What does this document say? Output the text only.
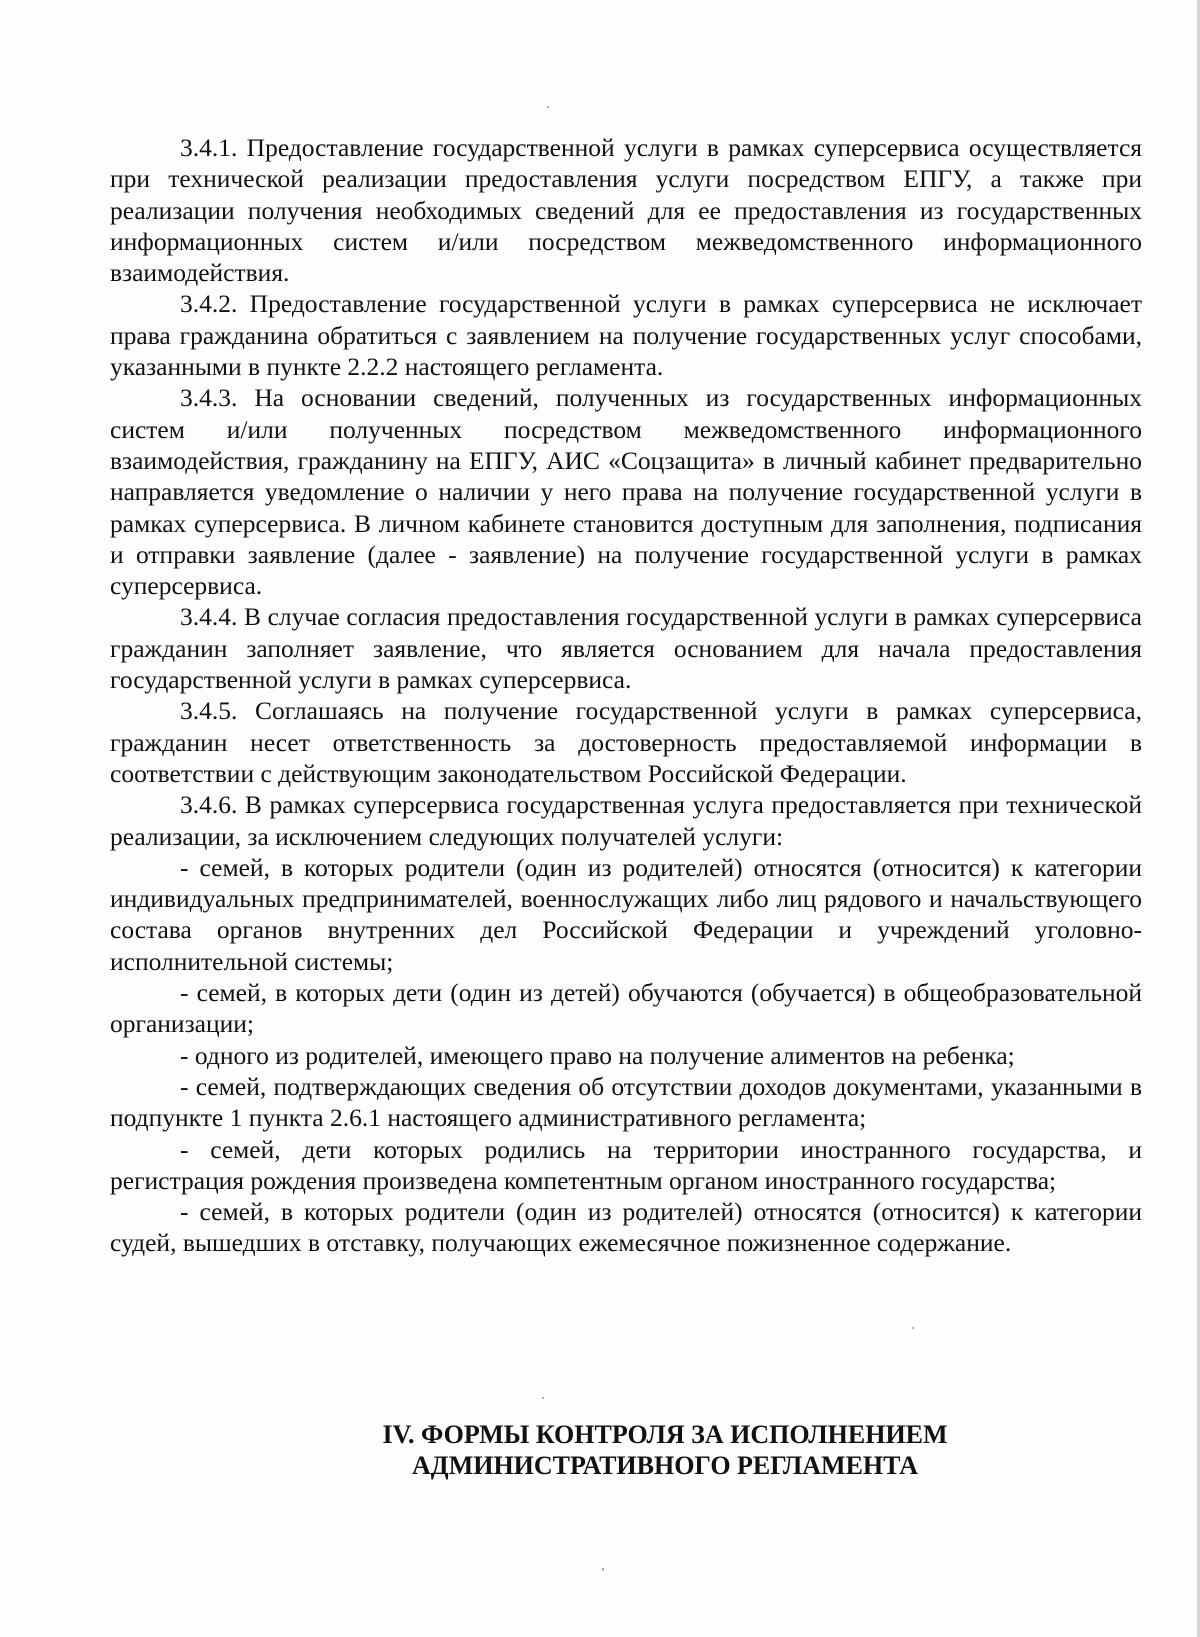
3.4.1. Предоставление государственной услуги в рамках суперсервиса осуществляется при технической реализации предоставления услуги посредством ЕПГУ, а также при реализации получения необходимых сведений для ее предоставления из государственных информационных систем и/или посредством межведомственного информационного взаимодействия.

3.4.2. Предоставление государственной услуги в рамках суперсервиса не исключает права гражданина обратиться с заявлением на получение государственных услуг способами, указанными в пункте 2.2.2 настоящего регламента.

3.4.3. На основании сведений, полученных из государственных информационных систем и/или полученных посредством межведомственного информационного взаимодействия, гражданину на ЕПГУ, АИС «Соцзащита» в личный кабинет предварительно направляется уведомление о наличии у него права на получение государственной услуги в рамках суперсервиса. В личном кабинете становится доступным для заполнения, подписания и отправки заявление (далее - заявление) на получение государственной услуги в рамках суперсервиса.

3.4.4. В случае согласия предоставления государственной услуги в рамках суперсервиса гражданин заполняет заявление, что является основанием для начала предоставления государственной услуги в рамках суперсервиса.

3.4.5. Соглашаясь на получение государственной услуги в рамках суперсервиса, гражданин несет ответственность за достоверность предоставляемой информации в соответствии с действующим законодательством Российской Федерации.

3.4.6. В рамках суперсервиса государственная услуга предоставляется при технической реализации, за исключением следующих получателей услуги:

- семей, в которых родители (один из родителей) относятся (относится) к категории индивидуальных предпринимателей, военнослужащих либо лиц рядового и начальствующего состава органов внутренних дел Российской Федерации и учреждений уголовно-исполнительной системы;

- семей, в которых дети (один из детей) обучаются (обучается) в общеобразовательной организации;

- одного из родителей, имеющего право на получение алиментов на ребенка;

- семей, подтверждающих сведения об отсутствии доходов документами, указанными в подпункте 1 пункта 2.6.1 настоящего административного регламента;

- семей, дети которых родились на территории иностранного государства, и регистрация рождения произведена компетентным органом иностранного государства;

- семей, в которых родители (один из родителей) относятся (относится) к категории судей, вышедших в отставку, получающих ежемесячное пожизненное содержание.

IV. ФОРМЫ КОНТРОЛЯ ЗА ИСПОЛНЕНИЕМ
АДМИНИСТРАТИВНОГО РЕГЛАМЕНТА
